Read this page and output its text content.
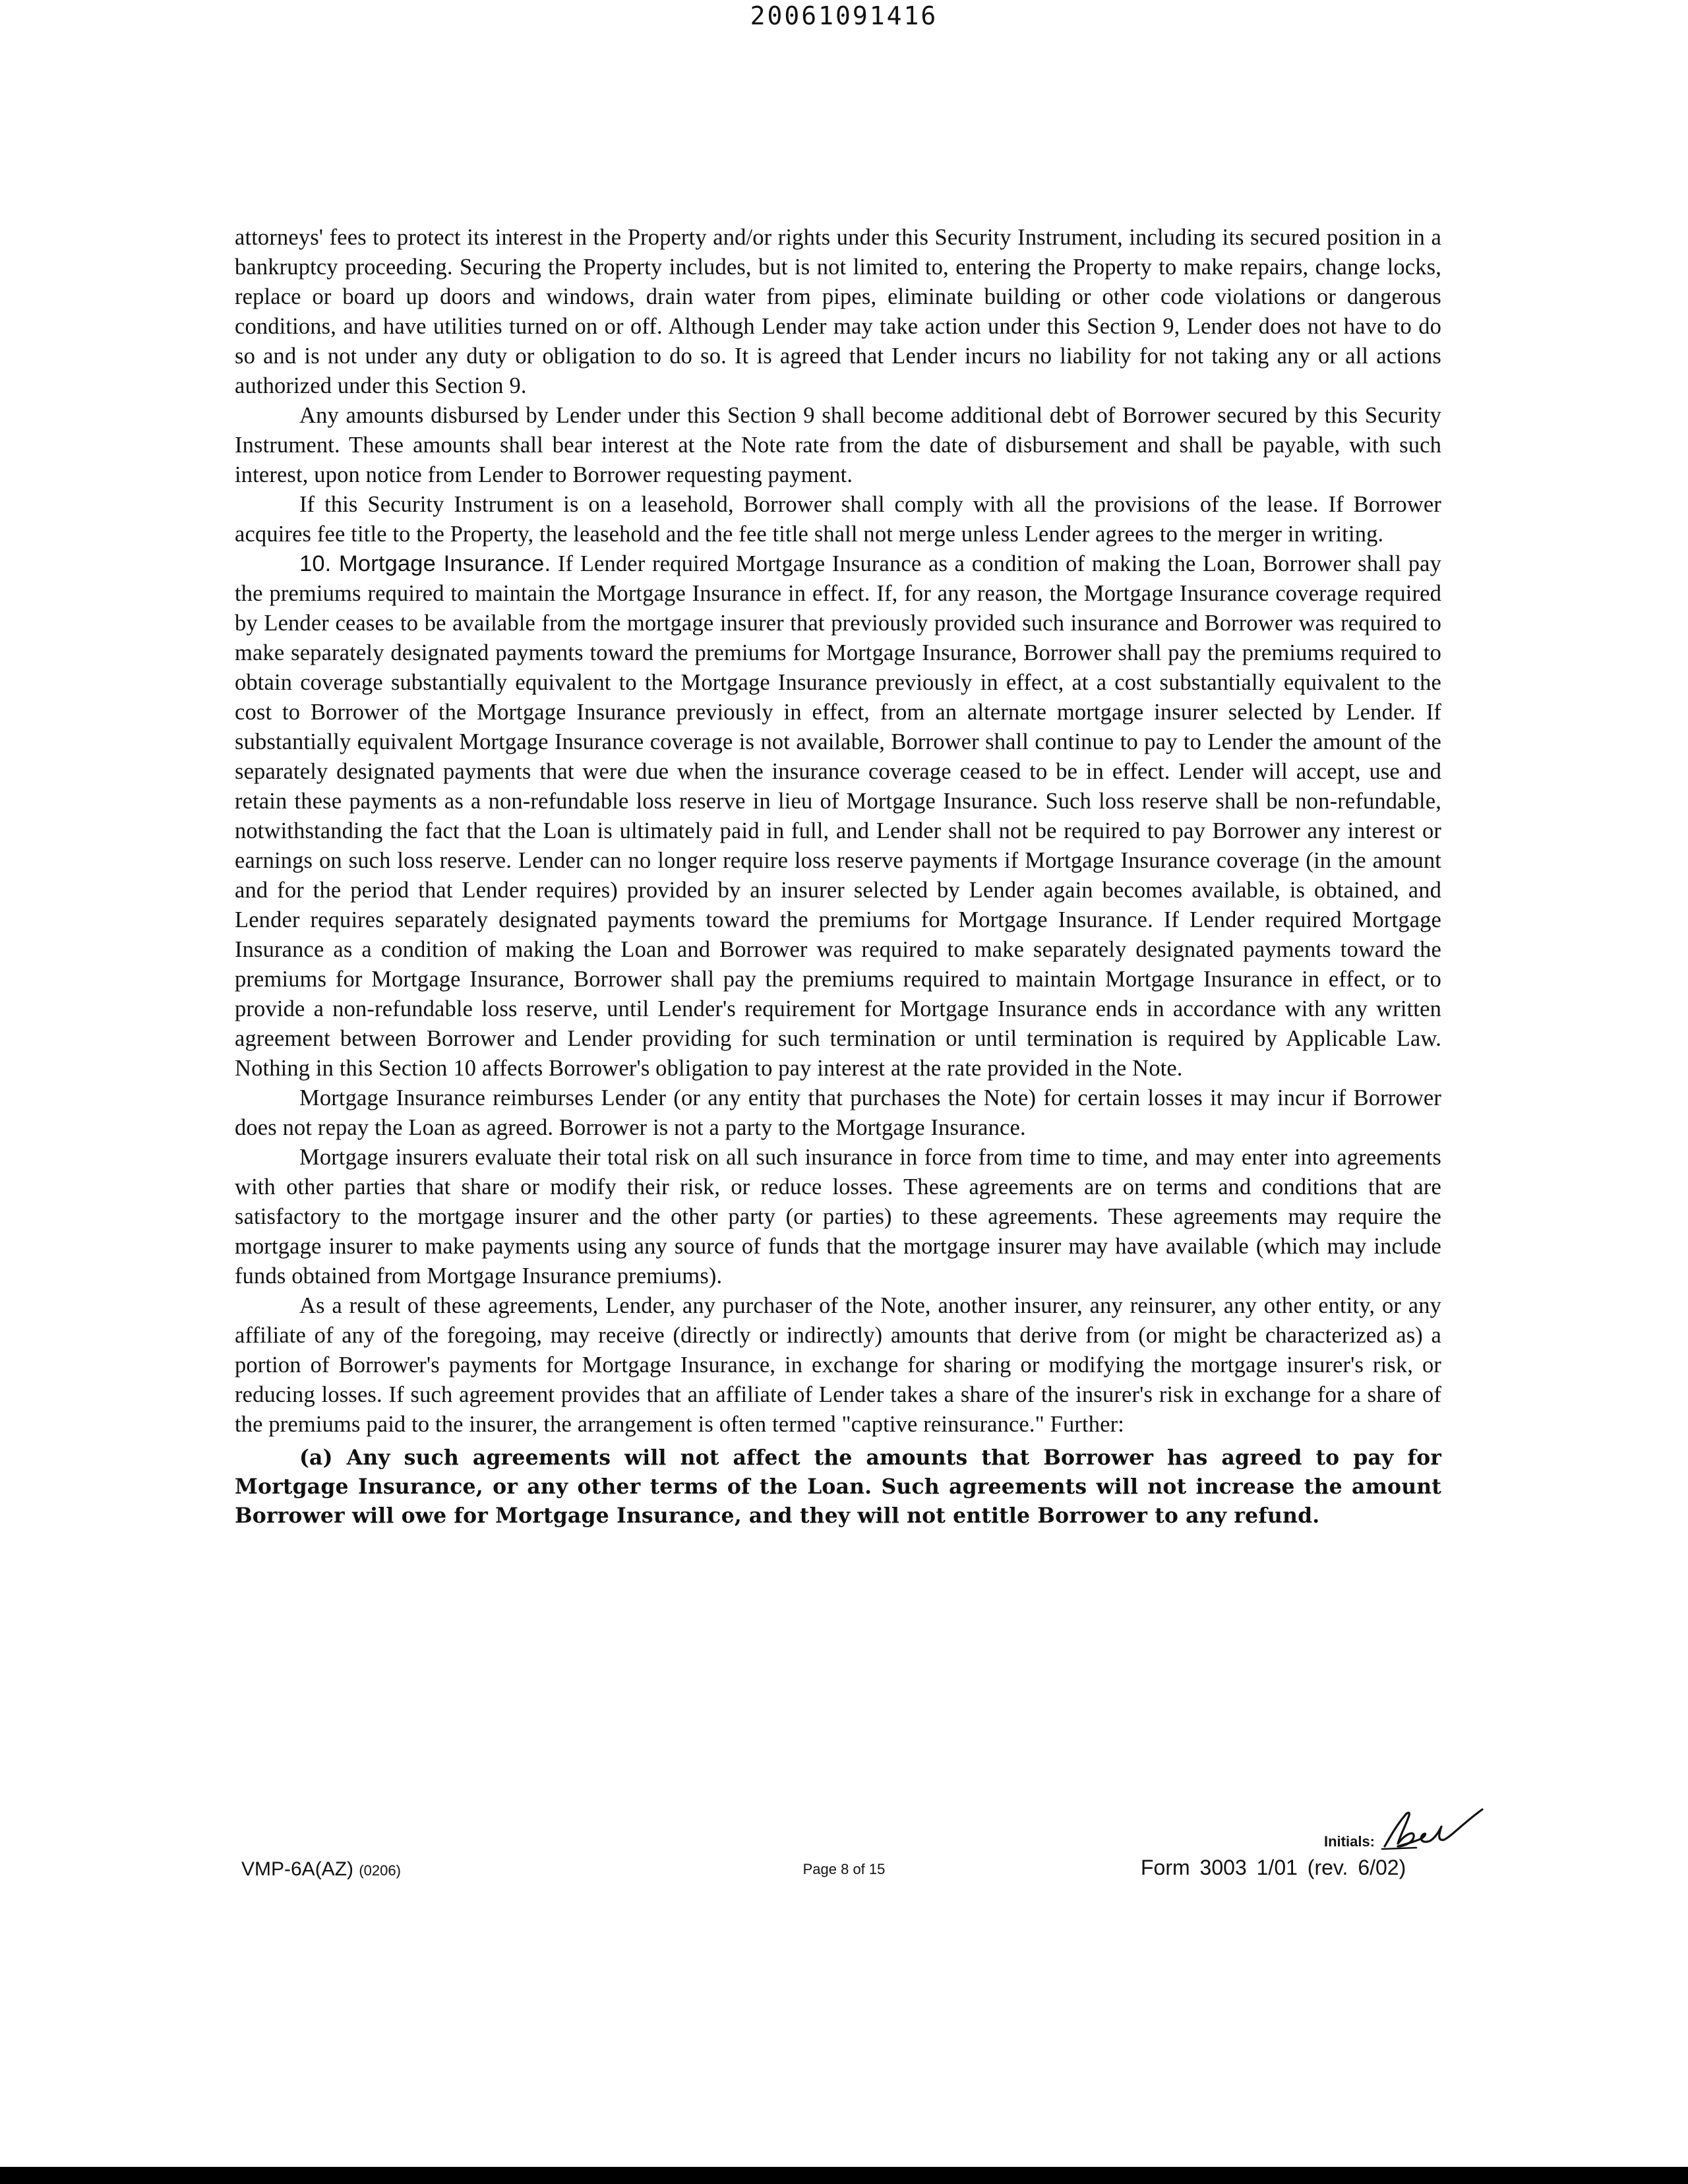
20061091416

attorneys' fees to protect its interest in the Property and/or rights under this Security Instrument, including its secured position in a bankruptcy proceeding. Securing the Property includes, but is not limited to, entering the Property to make repairs, change locks, replace or board up doors and windows, drain water from pipes, eliminate building or other code violations or dangerous conditions, and have utilities turned on or off. Although Lender may take action under this Section 9, Lender does not have to do so and is not under any duty or obligation to do so. It is agreed that Lender incurs no liability for not taking any or all actions authorized under this Section 9.

Any amounts disbursed by Lender under this Section 9 shall become additional debt of Borrower secured by this Security Instrument. These amounts shall bear interest at the Note rate from the date of disbursement and shall be payable, with such interest, upon notice from Lender to Borrower requesting payment.

If this Security Instrument is on a leasehold, Borrower shall comply with all the provisions of the lease. If Borrower acquires fee title to the Property, the leasehold and the fee title shall not merge unless Lender agrees to the merger in writing.

10. Mortgage Insurance. If Lender required Mortgage Insurance as a condition of making the Loan, Borrower shall pay the premiums required to maintain the Mortgage Insurance in effect. If, for any reason, the Mortgage Insurance coverage required by Lender ceases to be available from the mortgage insurer that previously provided such insurance and Borrower was required to make separately designated payments toward the premiums for Mortgage Insurance, Borrower shall pay the premiums required to obtain coverage substantially equivalent to the Mortgage Insurance previously in effect, at a cost substantially equivalent to the cost to Borrower of the Mortgage Insurance previously in effect, from an alternate mortgage insurer selected by Lender. If substantially equivalent Mortgage Insurance coverage is not available, Borrower shall continue to pay to Lender the amount of the separately designated payments that were due when the insurance coverage ceased to be in effect. Lender will accept, use and retain these payments as a non-refundable loss reserve in lieu of Mortgage Insurance. Such loss reserve shall be non-refundable, notwithstanding the fact that the Loan is ultimately paid in full, and Lender shall not be required to pay Borrower any interest or earnings on such loss reserve. Lender can no longer require loss reserve payments if Mortgage Insurance coverage (in the amount and for the period that Lender requires) provided by an insurer selected by Lender again becomes available, is obtained, and Lender requires separately designated payments toward the premiums for Mortgage Insurance. If Lender required Mortgage Insurance as a condition of making the Loan and Borrower was required to make separately designated payments toward the premiums for Mortgage Insurance, Borrower shall pay the premiums required to maintain Mortgage Insurance in effect, or to provide a non-refundable loss reserve, until Lender's requirement for Mortgage Insurance ends in accordance with any written agreement between Borrower and Lender providing for such termination or until termination is required by Applicable Law. Nothing in this Section 10 affects Borrower's obligation to pay interest at the rate provided in the Note.

Mortgage Insurance reimburses Lender (or any entity that purchases the Note) for certain losses it may incur if Borrower does not repay the Loan as agreed. Borrower is not a party to the Mortgage Insurance.

Mortgage insurers evaluate their total risk on all such insurance in force from time to time, and may enter into agreements with other parties that share or modify their risk, or reduce losses. These agreements are on terms and conditions that are satisfactory to the mortgage insurer and the other party (or parties) to these agreements. These agreements may require the mortgage insurer to make payments using any source of funds that the mortgage insurer may have available (which may include funds obtained from Mortgage Insurance premiums).

As a result of these agreements, Lender, any purchaser of the Note, another insurer, any reinsurer, any other entity, or any affiliate of any of the foregoing, may receive (directly or indirectly) amounts that derive from (or might be characterized as) a portion of Borrower's payments for Mortgage Insurance, in exchange for sharing or modifying the mortgage insurer's risk, or reducing losses. If such agreement provides that an affiliate of Lender takes a share of the insurer's risk in exchange for a share of the premiums paid to the insurer, the arrangement is often termed "captive reinsurance." Further:

(a) Any such agreements will not affect the amounts that Borrower has agreed to pay for Mortgage Insurance, or any other terms of the Loan. Such agreements will not increase the amount Borrower will owe for Mortgage Insurance, and they will not entitle Borrower to any refund.

VMP-6A(AZ) (0206)	Page 8 of 15
Initials:
Form 3003 1/01 (rev. 6/02)
